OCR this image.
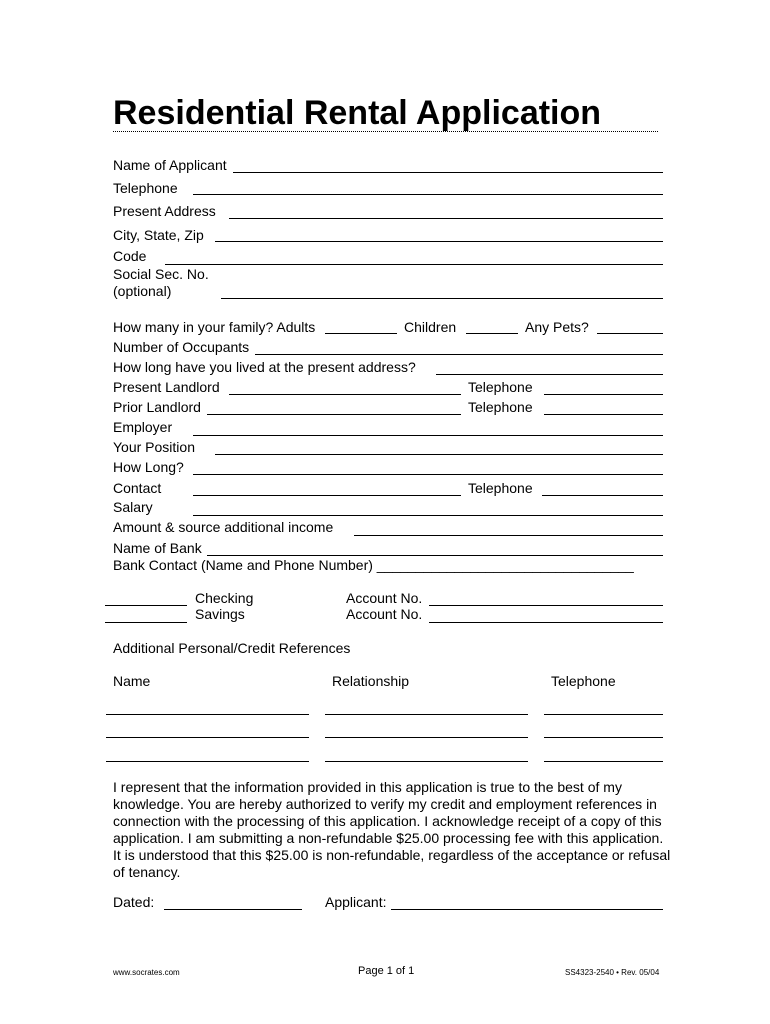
Residential Rental Application
Name of Applicant
Telephone
Present Address
City, State, Zip
Code
Social Sec. No.
(optional)
How many in your family? Adults	Children	Any Pets?
Number of Occupants
How long have you lived at the present address?
Present Landlord	Telephone
Prior Landlord	Telephone
Employer
Your Position
How Long?
Contact	Telephone
Salary
Amount & source additional income
Name of Bank
Bank Contact (Name and Phone Number) _________________________________
Checking	Account No.
Savings	Account No.
Additional Personal/Credit References
Name	Relationship	Telephone

I represent that the information provided in this application is true to the best of my knowledge. You are hereby authorized to verify my credit and employment references in connection with the processing of this application. I acknowledge receipt of a copy of this application. I am submitting a non-refundable $25.00 processing fee with this application. It is understood that this $25.00 is non-refundable, regardless of the acceptance or refusal of tenancy.

Dated:	Applicant:
www.socrates.com	Page 1 of 1	SS4323-2540 • Rev. 05/04
